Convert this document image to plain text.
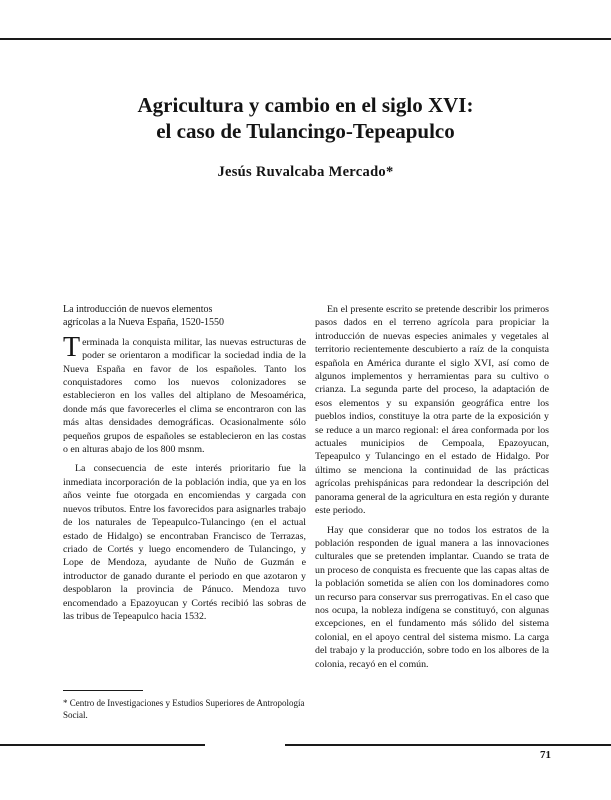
Agricultura y cambio en el siglo XVI:
el caso de Tulancingo-Tepeapulco
Jesús Ruvalcaba Mercado*

La introducción de nuevos elementos
agrícolas a la Nueva España, 1520-1550

Terminada la conquista militar, las nuevas estructuras de poder se orientaron a modificar la sociedad india de la Nueva España en favor de los españoles. Tanto los conquistadores como los nuevos colonizadores se establecieron en los valles del altiplano de Mesoamérica, donde más que favorecerles el clima se encontraron con las más altas densidades demográficas. Ocasionalmente sólo pequeños grupos de españoles se establecieron en las costas o en alturas abajo de los 800 msnm.

La consecuencia de este interés prioritario fue la inmediata incorporación de la población india, que ya en los años veinte fue otorgada en encomiendas y cargada con nuevos tributos. Entre los favorecidos para asignarles trabajo de los naturales de Tepeapulco-Tulancingo (en el actual estado de Hidalgo) se encontraban Francisco de Terrazas, criado de Cortés y luego encomendero de Tulancingo, y Lope de Mendoza, ayudante de Nuño de Guzmán e introductor de ganado durante el periodo en que azotaron y despoblaron la provincia de Pánuco. Mendoza tuvo encomendado a Epazoyucan y Cortés recibió las sobras de las tribus de Tepeapulco hacia 1532.

En el presente escrito se pretende describir los primeros pasos dados en el terreno agrícola para propiciar la introducción de nuevas especies animales y vegetales al territorio recientemente descubierto a raíz de la conquista española en América durante el siglo XVI, así como de algunos implementos y herramientas para su cultivo o crianza. La segunda parte del proceso, la adaptación de esos elementos y su expansión geográfica entre los pueblos indios, constituye la otra parte de la exposición y se reduce a un marco regional: el área conformada por los actuales municipios de Cempoala, Epazoyucan, Tepeapulco y Tulancingo en el estado de Hidalgo. Por último se menciona la continuidad de las prácticas agrícolas prehispánicas para redondear la descripción del panorama general de la agricultura en esta región y durante este periodo.

Hay que considerar que no todos los estratos de la población responden de igual manera a las innovaciones culturales que se pretenden implantar. Cuando se trata de un proceso de conquista es frecuente que las capas altas de la población sometida se alíen con los dominadores como un recurso para conservar sus prerrogativas. En el caso que nos ocupa, la nobleza indígena se constituyó, con algunas excepciones, en el fundamento más sólido del sistema colonial, en el apoyo central del sistema mismo. La carga del trabajo y la producción, sobre todo en los albores de la colonia, recayó en el común.

* Centro de Investigaciones y Estudios Superiores de Antropología Social.
71
